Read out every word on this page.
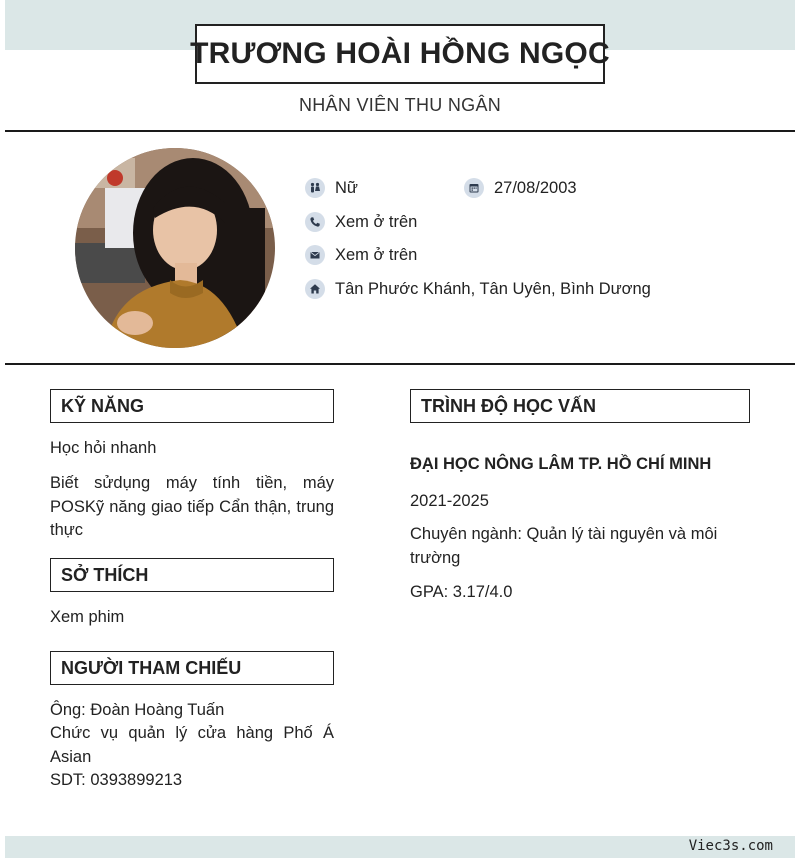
TRƯƠNG HOÀI HỒNG NGỌC
NHÂN VIÊN THU NGÂN
Nữ	27/08/2003
Xem ở trên
Xem ở trên
Tân Phước Khánh, Tân Uyên, Bình Dương
KỸ NĂNG
Học hỏi nhanh
Biết sửdụng máy tính tiền, máy POSKỹ năng giao tiếp Cẩn thận, trung thực
SỞ THÍCH
Xem phim
NGƯỜI THAM CHIẾU
Ông: Đoàn Hoàng Tuấn
Chức vụ quản lý cửa hàng Phố Á Asian
SDT: 0393899213
TRÌNH ĐỘ HỌC VẤN
ĐẠI HỌC NÔNG LÂM TP. HỒ CHÍ MINH
2021-2025
Chuyên ngành: Quản lý tài nguyên và môi trường
GPA: 3.17/4.0
Viec3s.com
